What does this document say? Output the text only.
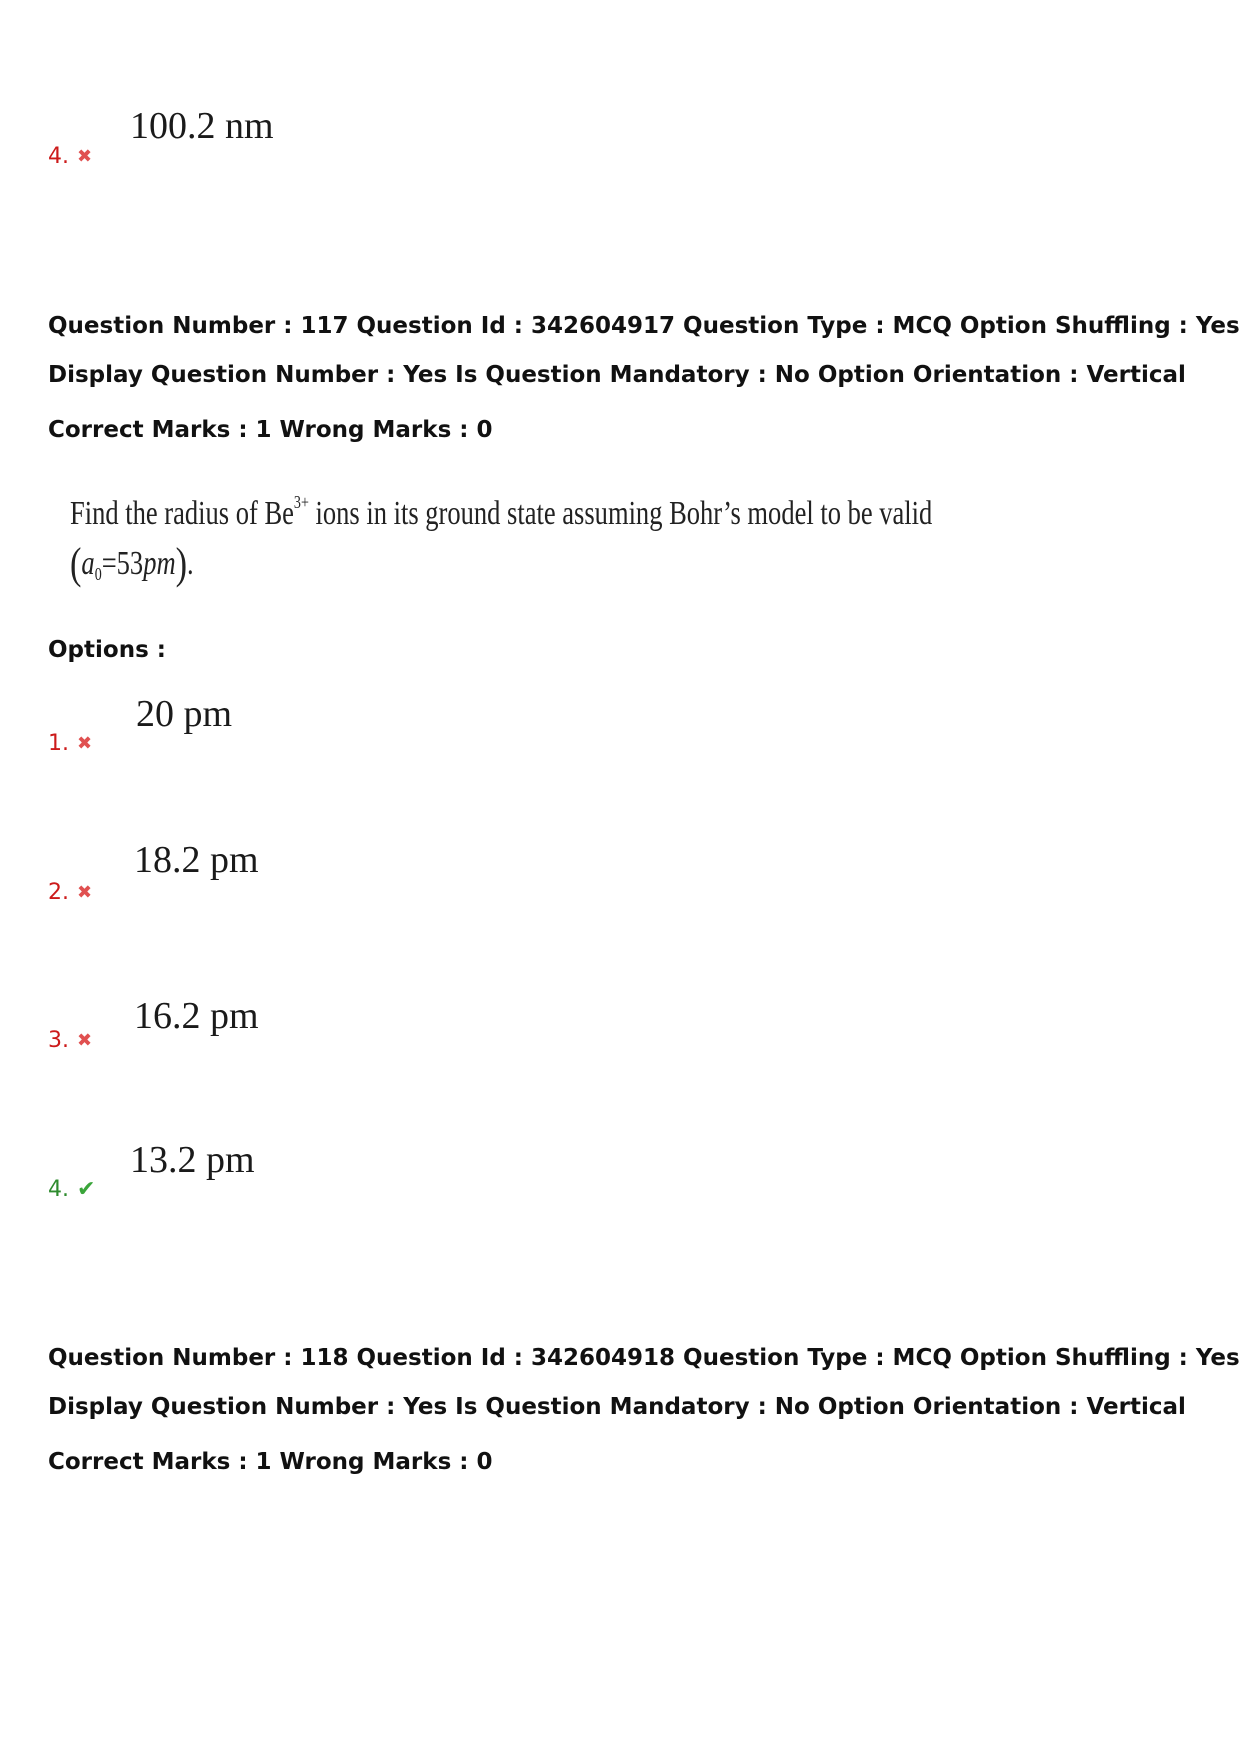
100.2 nm
4. ✖
Question Number : 117 Question Id : 342604917 Question Type : MCQ Option Shuffling : Yes
Display Question Number : Yes Is Question Mandatory : No Option Orientation : Vertical
Correct Marks : 1 Wrong Marks : 0
Find the radius of $Be^{3+}$ ions in its ground state assuming Bohr’s model to be valid
$(a_0=53pm)$.
Options :
20 pm
1. ✖
18.2 pm
2. ✖
16.2 pm
3. ✖
13.2 pm
4. ✔
Question Number : 118 Question Id : 342604918 Question Type : MCQ Option Shuffling : Yes
Display Question Number : Yes Is Question Mandatory : No Option Orientation : Vertical
Correct Marks : 1 Wrong Marks : 0
